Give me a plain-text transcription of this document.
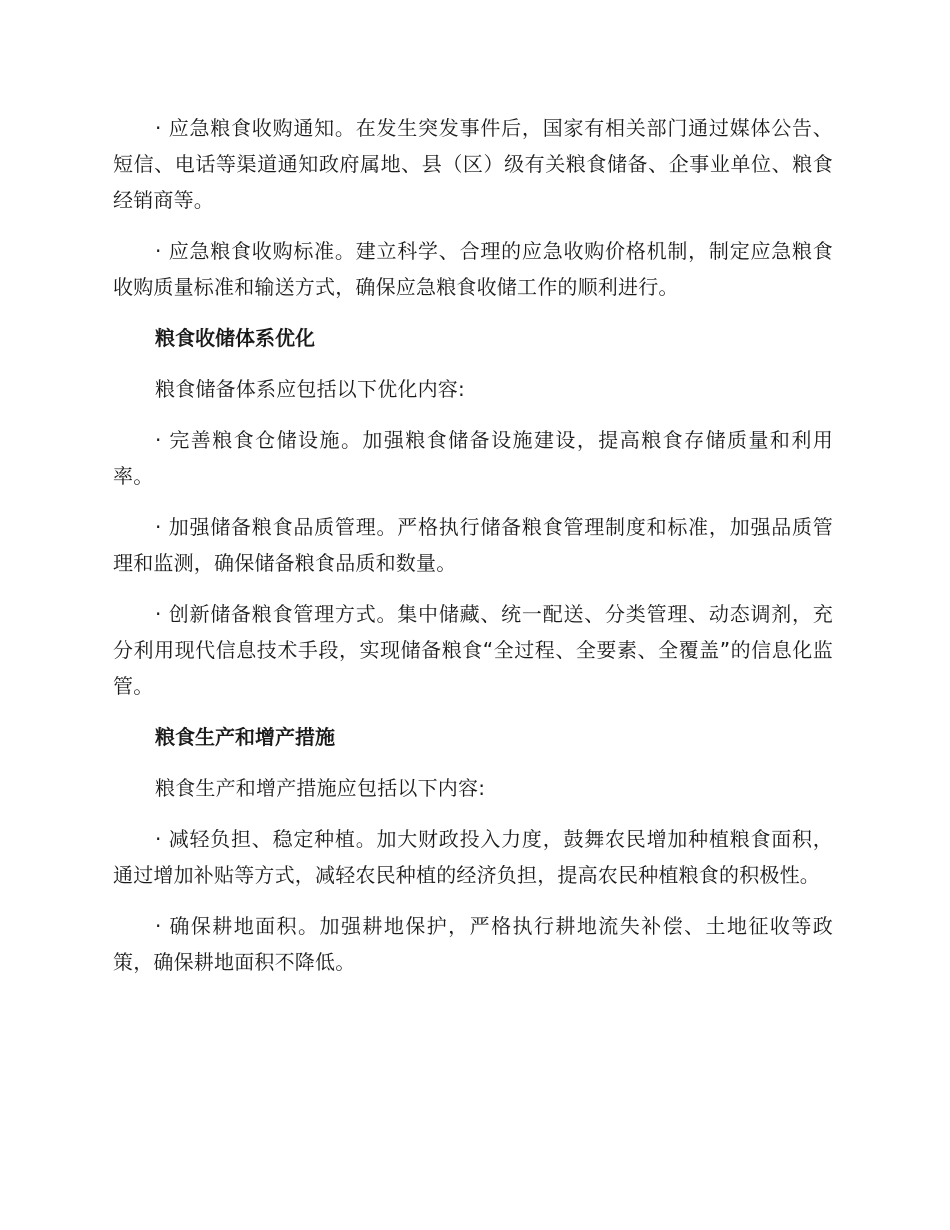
· 应急粮食收购通知。在发生突发事件后，国家有相关部门通过媒体公告、短信、电话等渠道通知政府属地、县（区）级有关粮食储备、企事业单位、粮食经销商等。

· 应急粮食收购标准。建立科学、合理的应急收购价格机制，制定应急粮食收购质量标准和输送方式，确保应急粮食收储工作的顺利进行。

粮食收储体系优化

粮食储备体系应包括以下优化内容:

· 完善粮食仓储设施。加强粮食储备设施建设，提高粮食存储质量和利用率。

· 加强储备粮食品质管理。严格执行储备粮食管理制度和标准，加强品质管理和监测，确保储备粮食品质和数量。

· 创新储备粮食管理方式。集中储藏、统一配送、分类管理、动态调剂，充分利用现代信息技术手段，实现储备粮食“全过程、全要素、全覆盖”的信息化监管。

粮食生产和增产措施

粮食生产和增产措施应包括以下内容:

· 减轻负担、稳定种植。加大财政投入力度，鼓舞农民增加种植粮食面积，通过增加补贴等方式，减轻农民种植的经济负担，提高农民种植粮食的积极性。

· 确保耕地面积。加强耕地保护，严格执行耕地流失补偿、土地征收等政策，确保耕地面积不降低。
